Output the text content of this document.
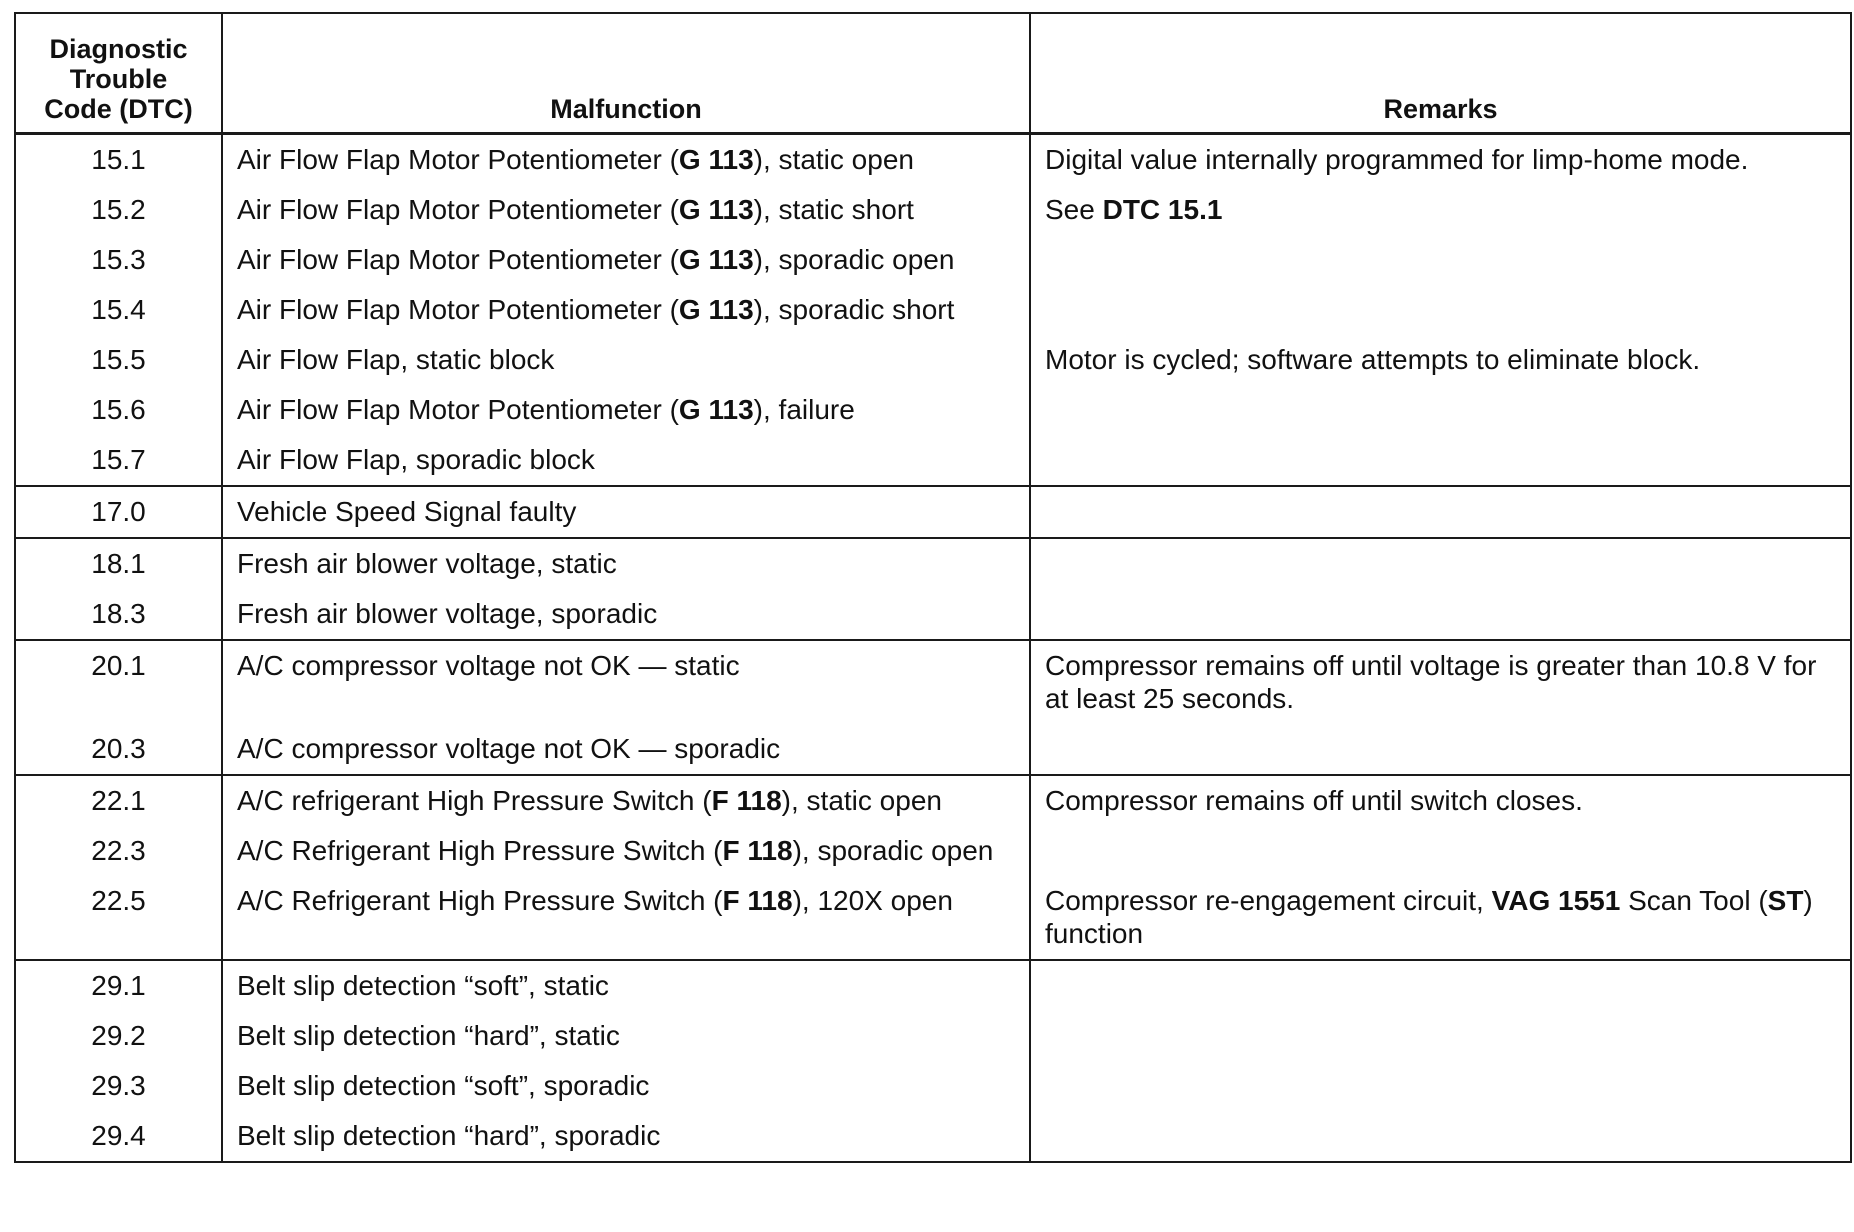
Diagnostic
Trouble
Code (DTC)	Malfunction	Remarks
15.1	Air Flow Flap Motor Potentiometer (G 113), static open	Digital value internally programmed for limp-home mode.
15.2	Air Flow Flap Motor Potentiometer (G 113), static short	See DTC 15.1
15.3	Air Flow Flap Motor Potentiometer (G 113), sporadic open	
15.4	Air Flow Flap Motor Potentiometer (G 113), sporadic short	
15.5	Air Flow Flap, static block	Motor is cycled; software attempts to eliminate block.
15.6	Air Flow Flap Motor Potentiometer (G 113), failure	
15.7	Air Flow Flap, sporadic block	
17.0	Vehicle Speed Signal faulty	
18.1	Fresh air blower voltage, static	
18.3	Fresh air blower voltage, sporadic	
20.1	A/C compressor voltage not OK — static	Compressor remains off until voltage is greater than 10.8 V for at least 25 seconds.
20.3	A/C compressor voltage not OK — sporadic	
22.1	A/C refrigerant High Pressure Switch (F 118), static open	Compressor remains off until switch closes.
22.3	A/C Refrigerant High Pressure Switch (F 118), sporadic open	
22.5	A/C Refrigerant High Pressure Switch (F 118), 120X open	Compressor re-engagement circuit, VAG 1551 Scan Tool (ST) function
29.1	Belt slip detection “soft”, static	
29.2	Belt slip detection “hard”, static	
29.3	Belt slip detection “soft”, sporadic	
29.4	Belt slip detection “hard”, sporadic	
